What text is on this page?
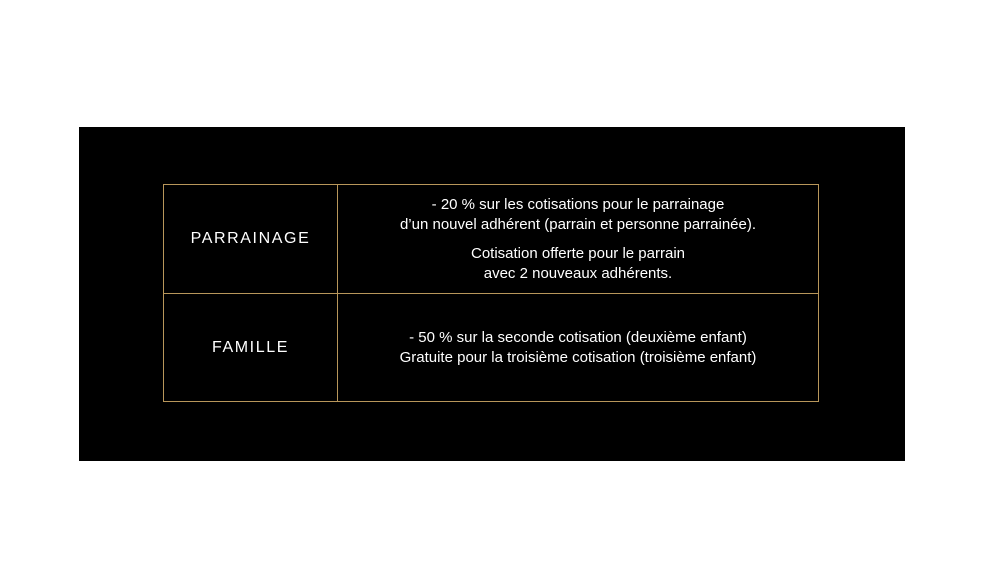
PARRAINAGE

- 20 % sur les cotisations pour le parrainage
d’un nouvel adhérent (parrain et personne parrainée).

Cotisation offerte pour le parrain
avec 2 nouveaux adhérents.

FAMILLE

- 50 % sur la seconde cotisation (deuxième enfant)
Gratuite pour la troisième cotisation (troisième enfant)
